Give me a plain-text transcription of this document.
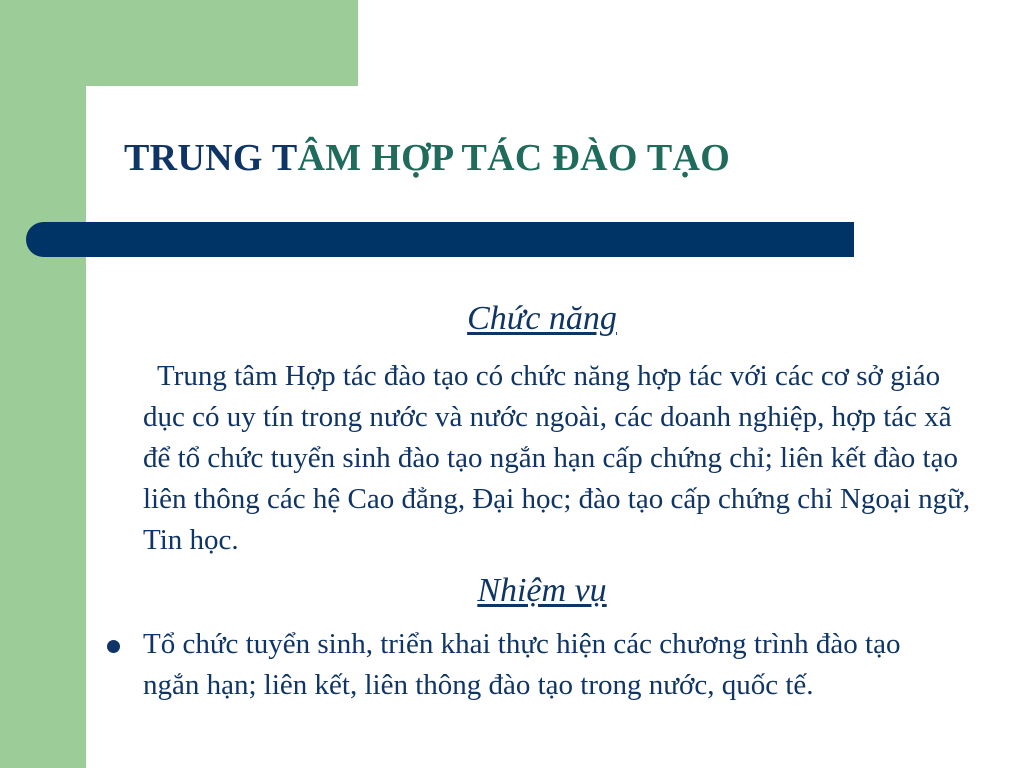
TRUNG TÂM HỢP TÁC ĐÀO TẠO
Chức năng
Trung tâm Hợp tác đào tạo có chức năng hợp tác với các cơ sở giáo dục có uy tín trong nước và nước ngoài, các doanh nghiệp, hợp tác xã để tổ chức tuyển sinh đào tạo ngắn hạn cấp chứng chỉ; liên kết đào tạo liên thông các hệ Cao đẳng, Đại học; đào tạo cấp chứng chỉ Ngoại ngữ, Tin học.
Nhiệm vụ
Tổ chức tuyển sinh, triển khai thực hiện các chương trình đào tạo ngắn hạn; liên kết, liên thông đào tạo trong nước, quốc tế.
